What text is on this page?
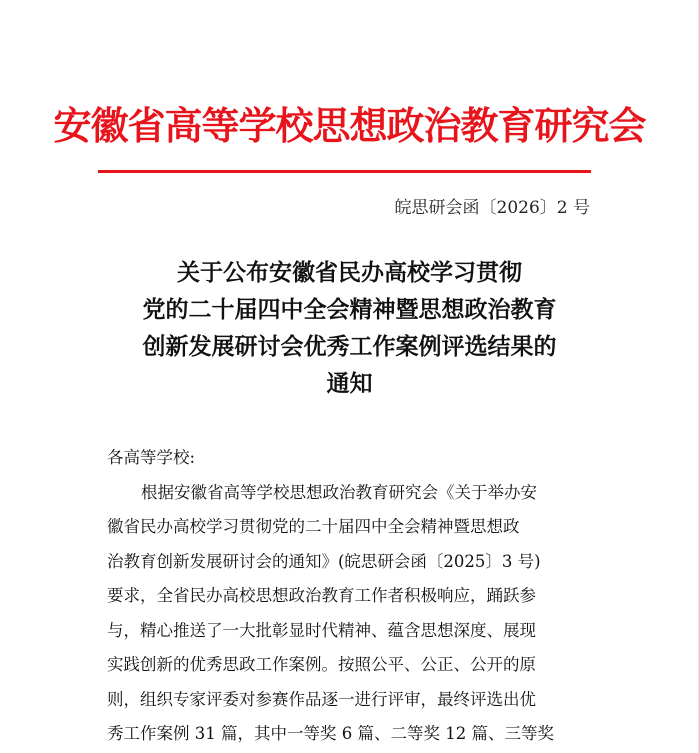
安徽省高等学校思想政治教育研究会
皖思研会函〔2026〕2 号
关于公布安徽省民办高校学习贯彻
党的二十届四中全会精神暨思想政治教育
创新发展研讨会优秀工作案例评选结果的
通知
各高等学校:
根据安徽省高等学校思想政治教育研究会《关于举办安
徽省民办高校学习贯彻党的二十届四中全会精神暨思想政
治教育创新发展研讨会的通知》(皖思研会函〔2025〕3 号)
要求，全省民办高校思想政治教育工作者积极响应，踊跃参
与，精心推送了一大批彰显时代精神、蕴含思想深度、展现
实践创新的优秀思政工作案例。按照公平、公正、公开的原
则，组织专家评委对参赛作品逐一进行评审，最终评选出优
秀工作案例 31 篇，其中一等奖 6 篇、二等奖 12 篇、三等奖
